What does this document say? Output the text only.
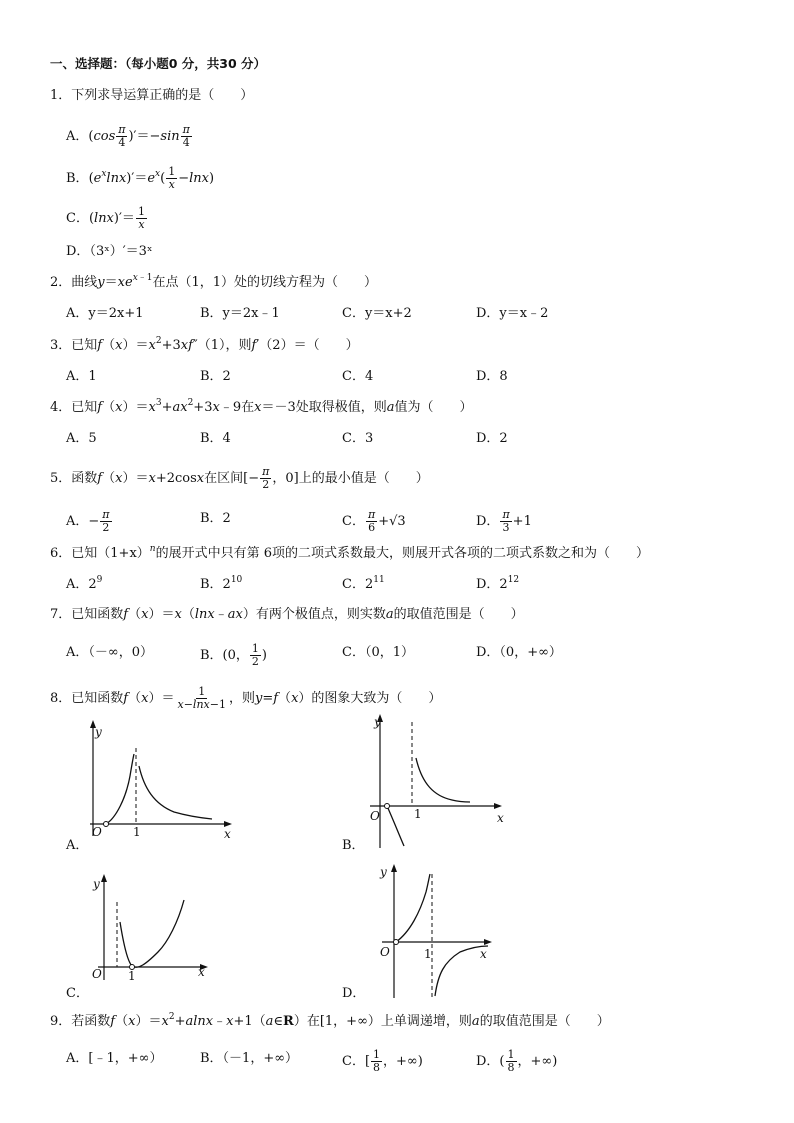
一、选择题：（每小题0 分，共30 分）
1．下列求导运算正确的是（　　）
A．$(\cos \frac{\pi}{4} )'=-\sin \frac{\pi}{4}$
B．$(e^x\ln x)'=e^x( \frac{1}{x} -\ln x)$
C．$(\ln x)'= \frac{1}{x}$
D．（3ˣ）′＝3ˣ
2．曲线$y=xe^{x﹣1}$在点（1，1）处的切线方程为（　　）
A．y＝2x+1	B．y＝2x﹣1	C．y＝x+2	D．y＝x﹣2
3．已知$f(x)=x^2+3xf''(1)$，则f′（2）＝（　　）
A．1	B．2	C．4	D．8
4．已知$f(x)=x^3+ax^2+3x﹣9$在x＝－3处取得极值，则a值为（　　）
A．5	B．4	C．3	D．2
5．函数f（x）＝x+2cosx在区间[− $\frac{\pi}{2}$ ，0]上的最小值是（　　）
A．− $\frac{\pi}{2}$	B．2	C． $\frac{\pi}{6} +√3$	D． $\frac{\pi}{3} +1$
6．已知$(1+x)^n$的展开式中只有第 6项的二项式系数最大，则展开式各项的二项式系数之和为（　　）
A．$2^9$	B．$2^{10}$	C．$2^{11}$	D．$2^{12}$
7．已知函数f（x）＝x（lnx﹣ax）有两个极值点，则实数a的取值范围是（　　）
A．（－∞，0）	B．(0， $\frac{1}{2}$ )	C．（0，1）	D．（0，+∞）
8．已知函数$f(x)= \frac{1}{x-\ln x-1}$ ，则y=f（x）的图象大致为（　　）
y
x
O	1
A．
y
x
O	1
B．
y
x
O 1
C．
y
x
O	1
D．
9．若函数$f(x)=x^2+alnx﹣x+1(a\in R)$在[1，+∞）上单调递增，则a的取值范围是（　　）
A．[﹣1，+∞）	B．（－1，+∞）	C．[ $\frac{1}{8}$ ，+∞)	D．( $\frac{1}{8}$ ，+∞)
